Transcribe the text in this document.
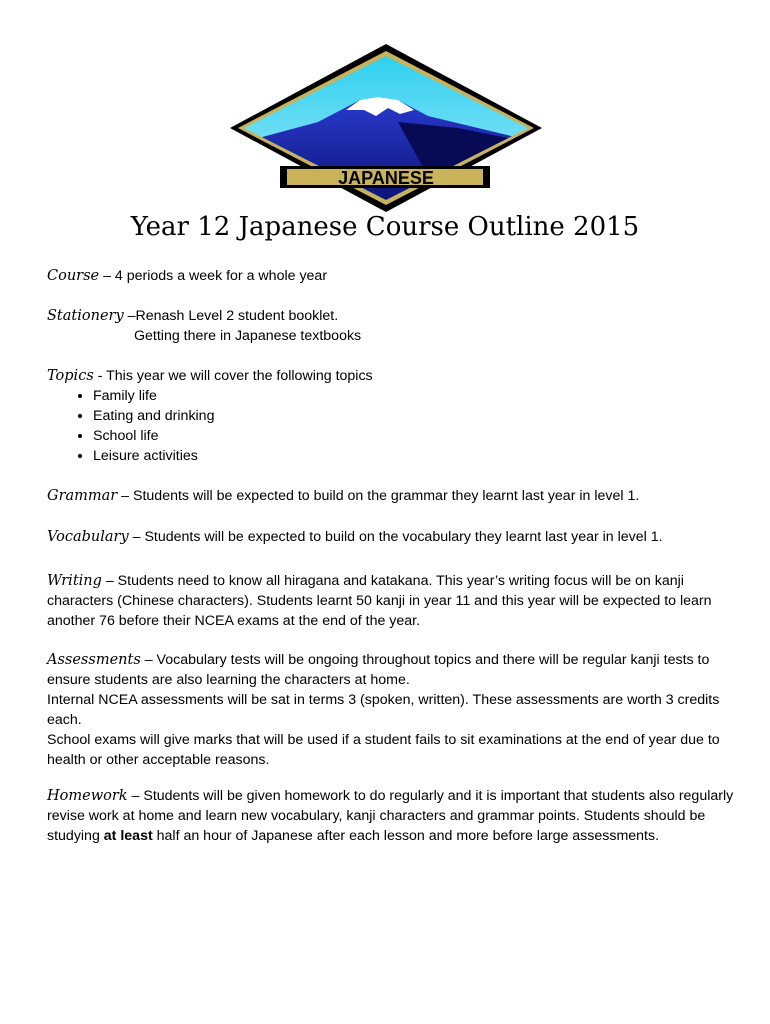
JAPANESE
Year 12 Japanese Course Outline 2015
Course – 4 periods a week for a whole year
Stationery –Renash Level 2 student booklet.
Getting there in Japanese textbooks
Topics - This year we will cover the following topics
• Family life
• Eating and drinking
• School life
• Leisure activities
Grammar – Students will be expected to build on the grammar they learnt last year in level 1.
Vocabulary – Students will be expected to build on the vocabulary they learnt last year in level 1.
Writing – Students need to know all hiragana and katakana. This year’s writing focus will be on kanji characters (Chinese characters). Students learnt 50 kanji in year 11 and this year will be expected to learn another 76 before their NCEA exams at the end of the year.
Assessments – Vocabulary tests will be ongoing throughout topics and there will be regular kanji tests to ensure students are also learning the characters at home.
Internal NCEA assessments will be sat in terms 3 (spoken, written). These assessments are worth 3 credits each.
School exams will give marks that will be used if a student fails to sit examinations at the end of year due to health or other acceptable reasons.
Homework – Students will be given homework to do regularly and it is important that students also regularly revise work at home and learn new vocabulary, kanji characters and grammar points. Students should be studying at least half an hour of Japanese after each lesson and more before large assessments.
